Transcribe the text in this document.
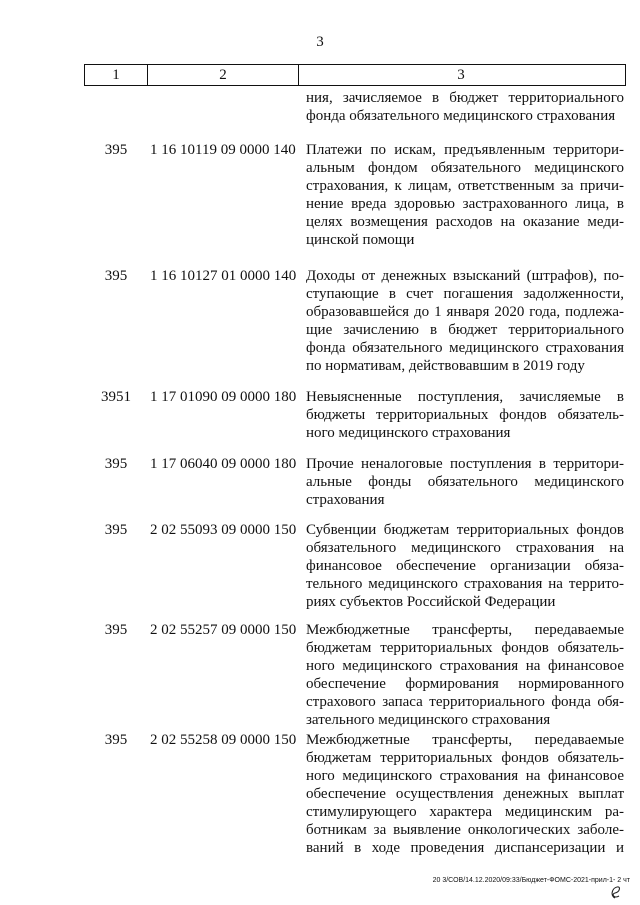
3
1	2	3
ния, зачисляемое в бюджет территориального
фонда обязательного медицинского страхования
395	1 16 10119 09 0000 140 Платежи по искам, предъявленным территори-
альным фондом обязательного медицинского
страхования, к лицам, ответственным за причи-
нение вреда здоровью застрахованного лица, в
целях возмещения расходов на оказание меди-
цинской помощи
395	1 16 10127 01 0000 140 Доходы от денежных взысканий (штрафов), по-
ступающие в счет погашения задолженности,
образовавшейся до 1 января 2020 года, подлежа-
щие зачислению в бюджет территориального
фонда обязательного медицинского страхования
по нормативам, действовавшим в 2019 году
3951	1 17 01090 09 0000 180 Невыясненные поступления, зачисляемые в
бюджеты территориальных фондов обязатель-
ного медицинского страхования
395	1 17 06040 09 0000 180 Прочие неналоговые поступления в территори-
альные фонды обязательного медицинского
страхования
395	2 02 55093 09 0000 150 Субвенции бюджетам территориальных фондов
обязательного медицинского страхования на
финансовое обеспечение организации обяза-
тельного медицинского страхования на террито-
риях субъектов Российской Федерации
395	2 02 55257 09 0000 150 Межбюджетные трансферты, передаваемые
бюджетам территориальных фондов обязатель-
ного медицинского страхования на финансовое
обеспечение формирования нормированного
страхового запаса территориального фонда обя-
зательного медицинского страхования
395	2 02 55258 09 0000 150 Межбюджетные трансферты, передаваемые
бюджетам территориальных фондов обязатель-
ного медицинского страхования на финансовое
обеспечение осуществления денежных выплат
стимулирующего характера медицинским ра-
ботникам за выявление онкологических заболе-
ваний в ходе проведения диспансеризации и
20 3/СОВ/14.12.2020/09:33/Бюджет-ФОМС-2021-прил-1- 2 чт
